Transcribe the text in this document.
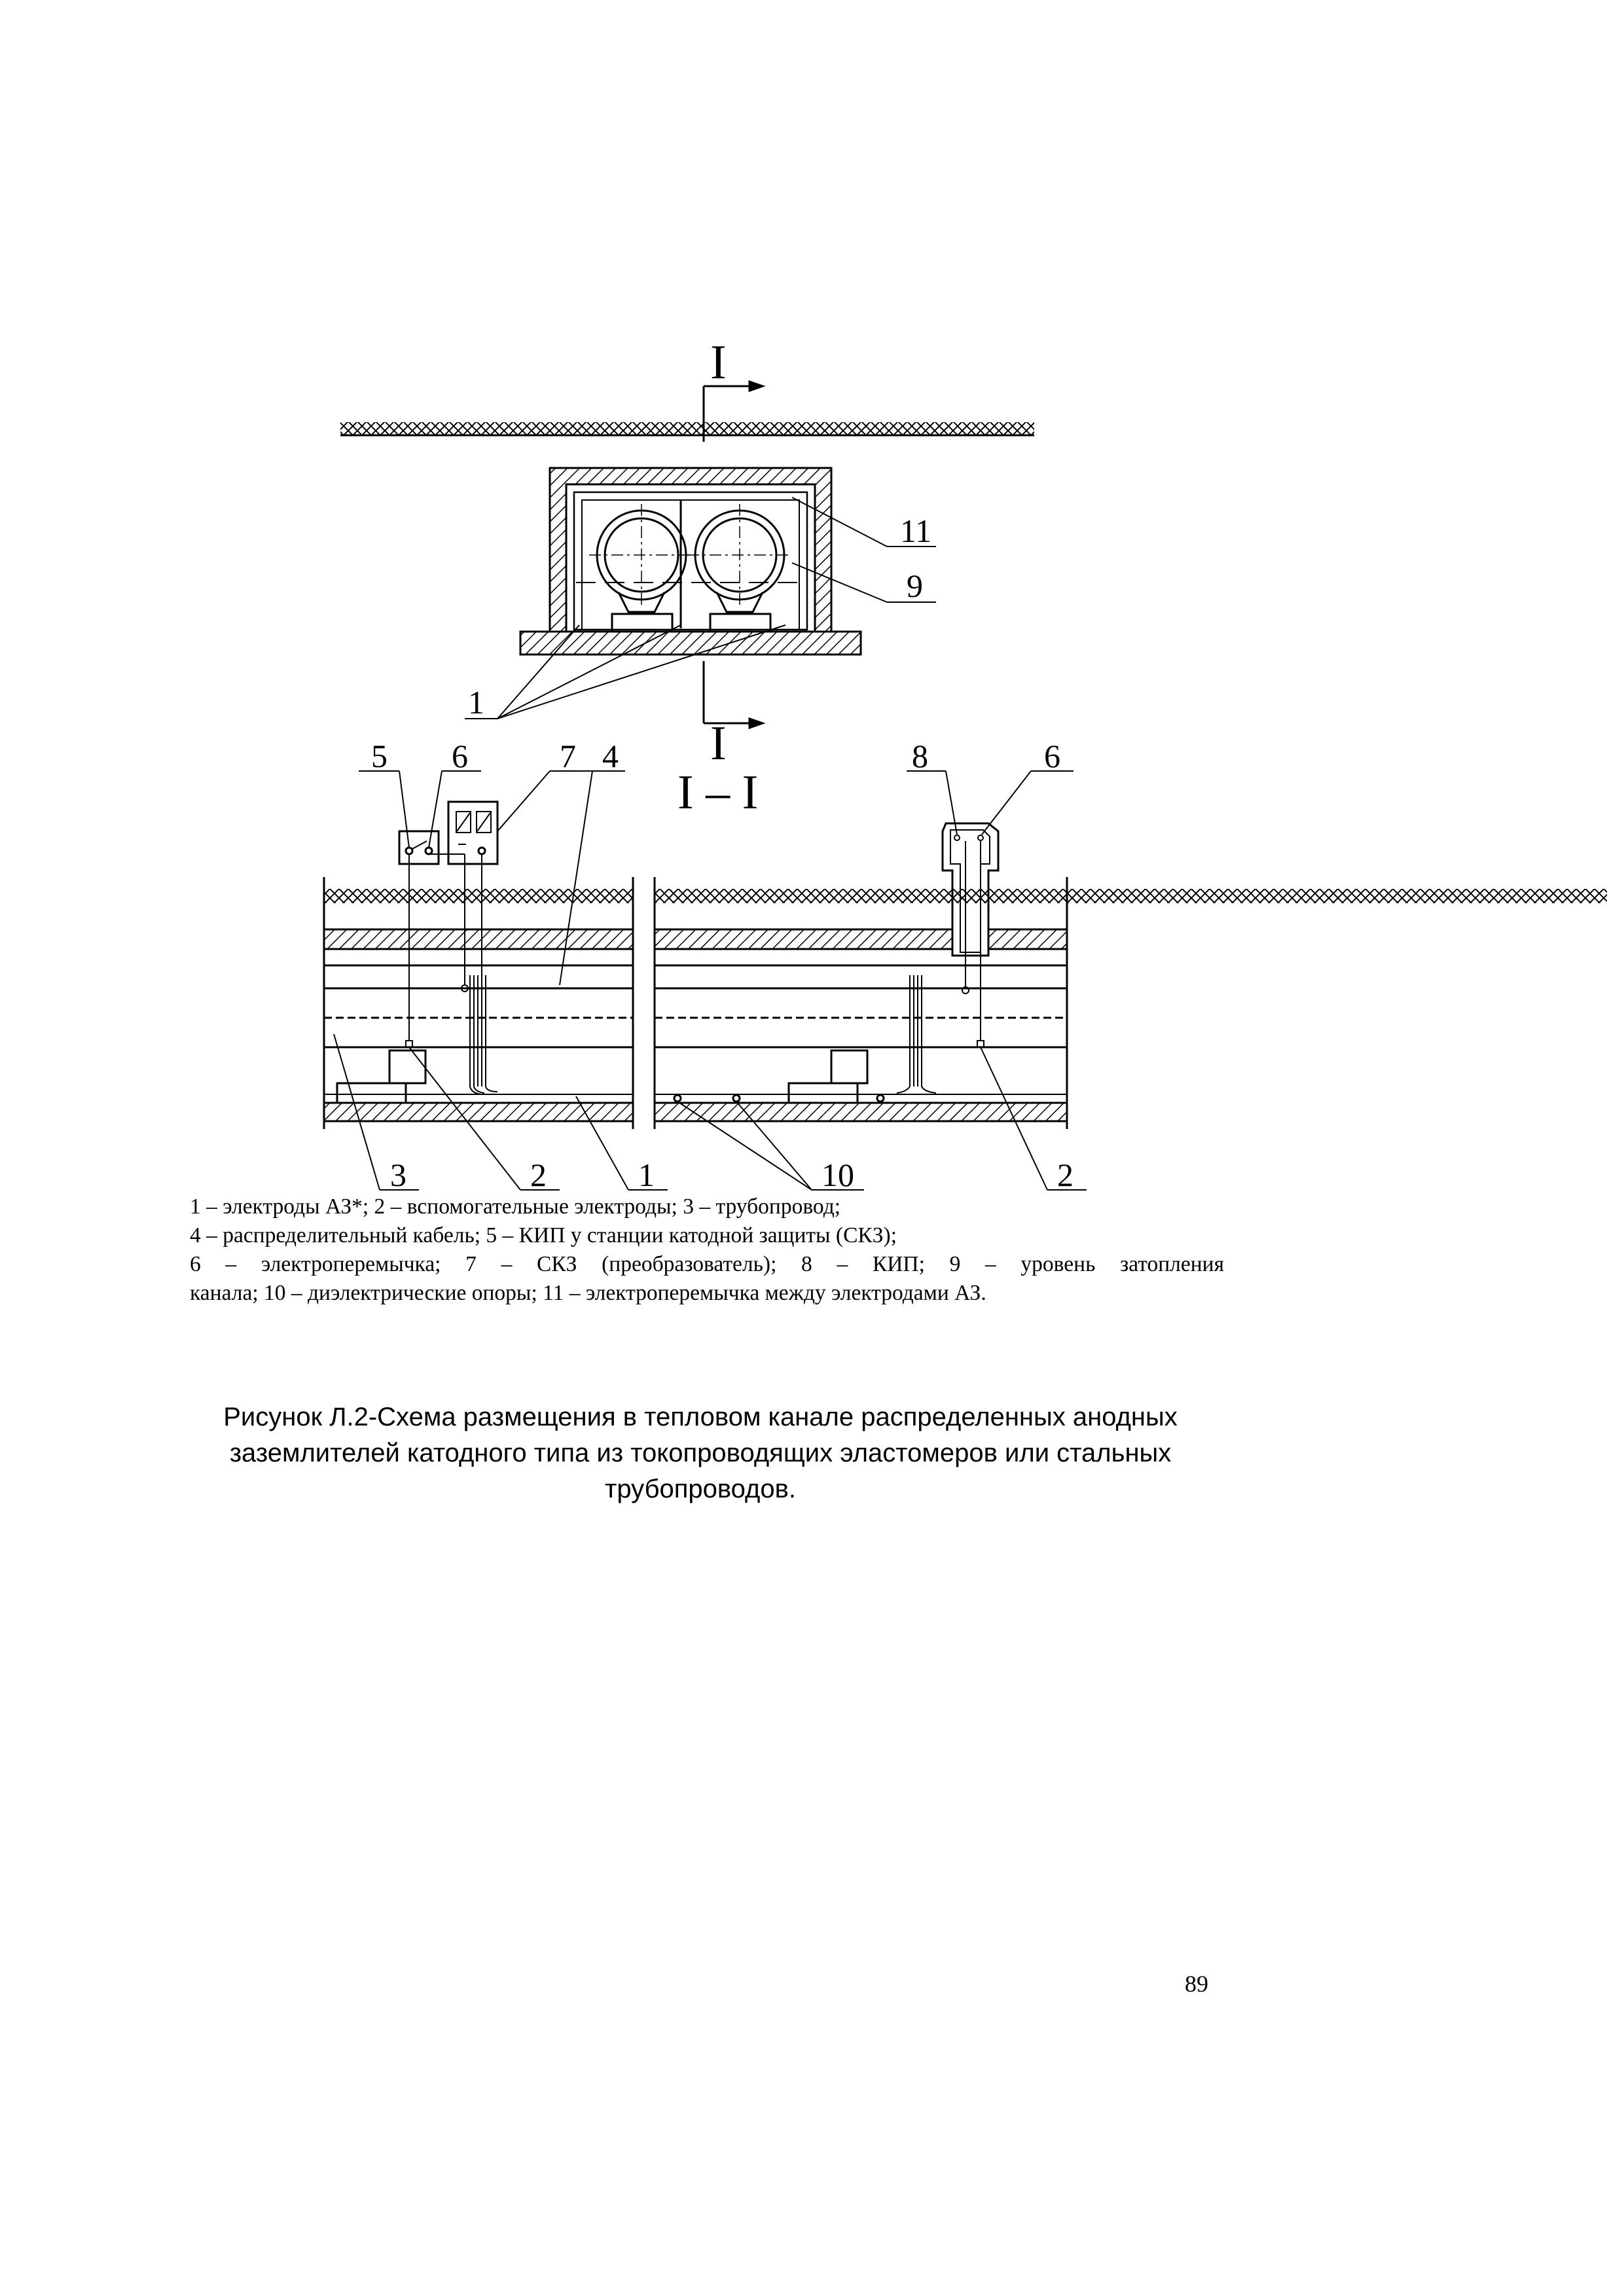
I
I
I – I
11
9
1
5 6	7 4	8	6
3	2	1	10	2
1 – электроды АЗ*; 2 – вспомогательные электроды; 3 – трубопровод;
4 – распределительный кабель; 5 – КИП у станции катодной защиты (СКЗ);
6 – электроперемычка; 7 – СКЗ (преобразователь); 8 – КИП; 9 – уровень затопления
канала; 10 – диэлектрические опоры; 11 – электроперемычка между электродами АЗ.
Рисунок Л.2-Схема размещения в тепловом канале распределенных анодных
заземлителей катодного типа из токопроводящих эластомеров или стальных
трубопроводов.
89
